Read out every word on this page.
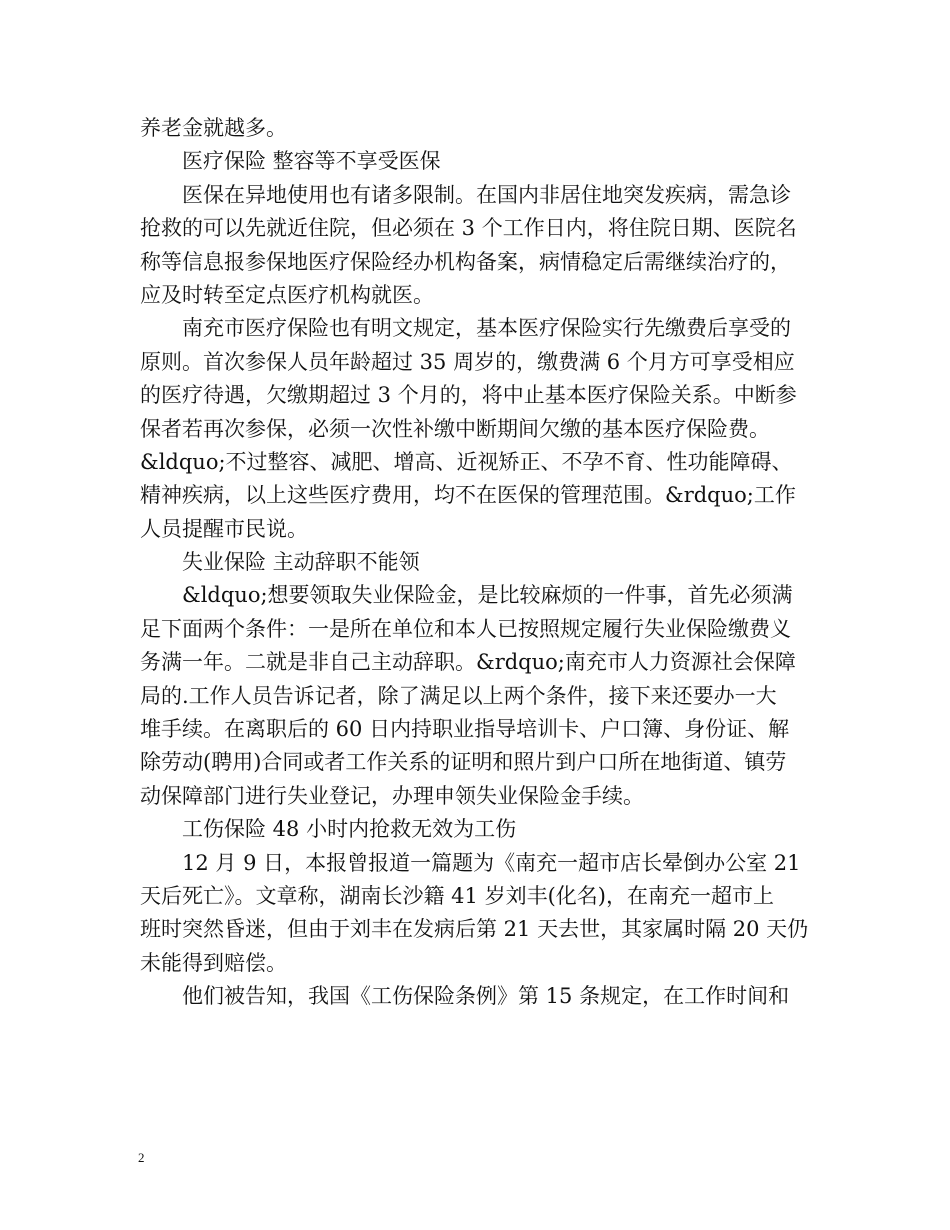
养老金就越多。
医疗保险 整容等不享受医保
医保在异地使用也有诸多限制。在国内非居住地突发疾病，需急诊
抢救的可以先就近住院，但必须在 3 个工作日内，将住院日期、医院名
称等信息报参保地医疗保险经办机构备案，病情稳定后需继续治疗的，
应及时转至定点医疗机构就医。
南充市医疗保险也有明文规定，基本医疗保险实行先缴费后享受的
原则。首次参保人员年龄超过 35 周岁的，缴费满 6 个月方可享受相应
的医疗待遇，欠缴期超过 3 个月的，将中止基本医疗保险关系。中断参
保者若再次参保，必须一次性补缴中断期间欠缴的基本医疗保险费。
&ldquo;不过整容、减肥、增高、近视矫正、不孕不育、性功能障碍、
精神疾病，以上这些医疗费用，均不在医保的管理范围。&rdquo;工作
人员提醒市民说。
失业保险 主动辞职不能领
&ldquo;想要领取失业保险金，是比较麻烦的一件事，首先必须满
足下面两个条件：一是所在单位和本人已按照规定履行失业保险缴费义
务满一年。二就是非自己主动辞职。&rdquo;南充市人力资源社会保障
局的.工作人员告诉记者，除了满足以上两个条件，接下来还要办一大
堆手续。在离职后的 60 日内持职业指导培训卡、户口簿、身份证、解
除劳动(聘用)合同或者工作关系的证明和照片到户口所在地街道、镇劳
动保障部门进行失业登记，办理申领失业保险金手续。
工伤保险 48 小时内抢救无效为工伤
12 月 9 日，本报曾报道一篇题为《南充一超市店长晕倒办公室 21
天后死亡》。文章称，湖南长沙籍 41 岁刘丰(化名)，在南充一超市上
班时突然昏迷，但由于刘丰在发病后第 21 天去世，其家属时隔 20 天仍
未能得到赔偿。
他们被告知，我国《工伤保险条例》第 15 条规定，在工作时间和
2
